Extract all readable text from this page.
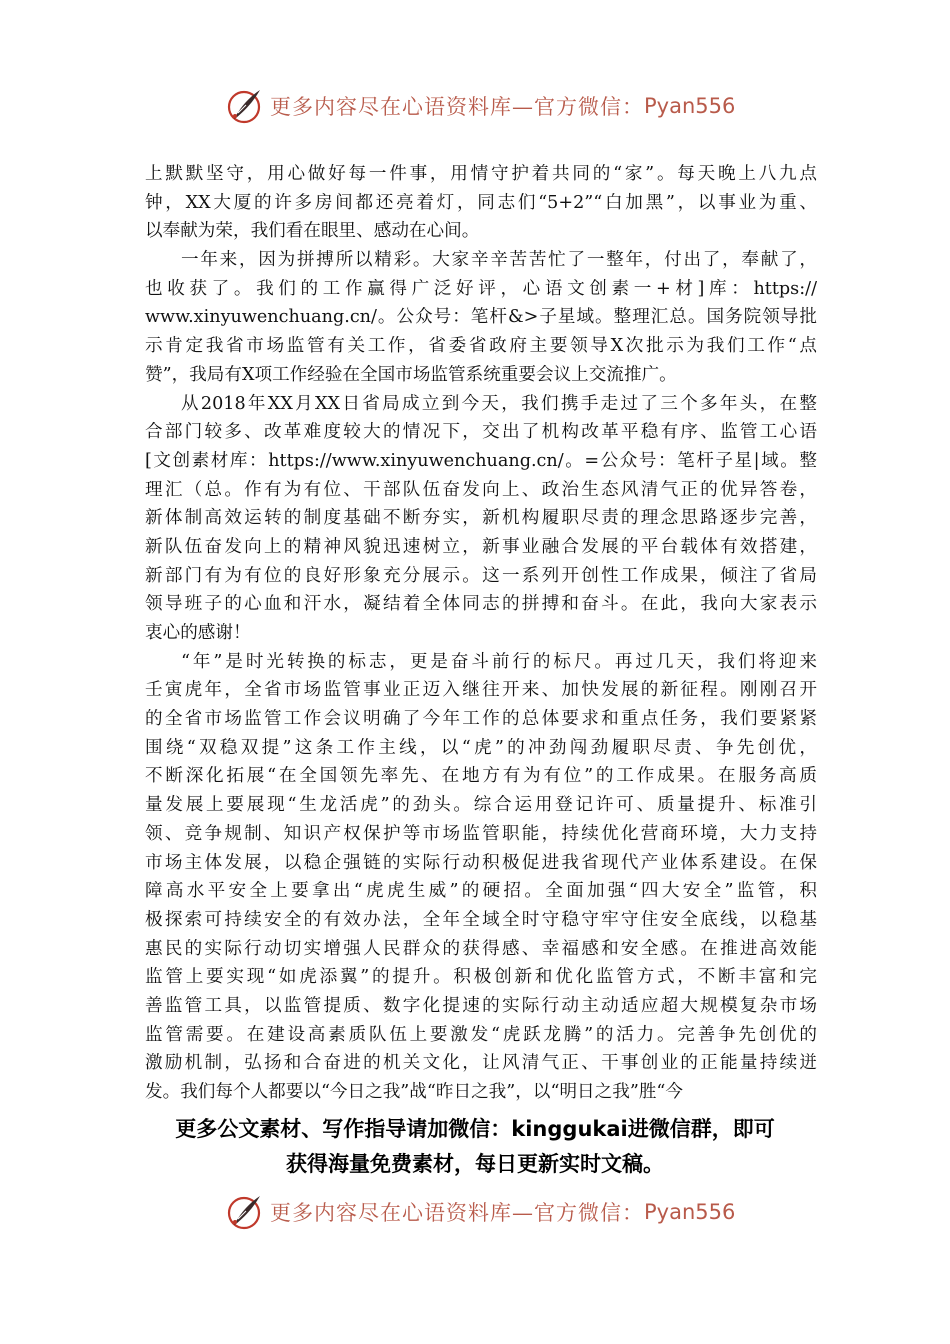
更多内容尽在心语资料库—官方微信： Pyan556
上默默坚守，用心做好每一件事，用情守护着共同的“家”。每天晚上八九点
钟，XX大厦的许多房间都还亮着灯，同志们“5+2”“白加黑”，以事业为重、
以奉献为荣，我们看在眼里、感动在心间。
一年来，因为拼搏所以精彩。大家辛辛苦苦忙了一整年，付出了，奉献了，
也收获了。我们的工作赢得广泛好评，心语文创素一+材]库：https://
www.xinyuwenchuang.cn/。公众号：笔杆&>子星域。整理汇总。国务院领导批
示肯定我省市场监管有关工作，省委省政府主要领导X次批示为我们工作“点
赞”，我局有X项工作经验在全国市场监管系统重要会议上交流推广。
从2018年XX月XX日省局成立到今天，我们携手走过了三个多年头，在整
合部门较多、改革难度较大的情况下，交出了机构改革平稳有序、监管工心语
[文创素材库：https://www.xinyuwenchuang.cn/。=公众号：笔杆子星|域。整
理汇（总。作有为有位、干部队伍奋发向上、政治生态风清气正的优异答卷，
新体制高效运转的制度基础不断夯实，新机构履职尽责的理念思路逐步完善，
新队伍奋发向上的精神风貌迅速树立，新事业融合发展的平台载体有效搭建，
新部门有为有位的良好形象充分展示。这一系列开创性工作成果，倾注了省局
领导班子的心血和汗水，凝结着全体同志的拼搏和奋斗。在此，我向大家表示
衷心的感谢！
“年”是时光转换的标志，更是奋斗前行的标尺。再过几天，我们将迎来
壬寅虎年，全省市场监管事业正迈入继往开来、加快发展的新征程。刚刚召开
的全省市场监管工作会议明确了今年工作的总体要求和重点任务，我们要紧紧
围绕“双稳双提”这条工作主线，以“虎”的冲劲闯劲履职尽责、争先创优，
不断深化拓展“在全国领先率先、在地方有为有位”的工作成果。在服务高质
量发展上要展现“生龙活虎”的劲头。综合运用登记许可、质量提升、标准引
领、竞争规制、知识产权保护等市场监管职能，持续优化营商环境，大力支持
市场主体发展，以稳企强链的实际行动积极促进我省现代产业体系建设。在保
障高水平安全上要拿出“虎虎生威”的硬招。全面加强“四大安全”监管，积
极探索可持续安全的有效办法，全年全域全时守稳守牢守住安全底线，以稳基
惠民的实际行动切实增强人民群众的获得感、幸福感和安全感。在推进高效能
监管上要实现“如虎添翼”的提升。积极创新和优化监管方式，不断丰富和完
善监管工具，以监管提质、数字化提速的实际行动主动适应超大规模复杂市场
监管需要。在建设高素质队伍上要激发“虎跃龙腾”的活力。完善争先创优的
激励机制，弘扬和合奋进的机关文化，让风清气正、干事创业的正能量持续迸
发。我们每个人都要以“今日之我”战“昨日之我”，以“明日之我”胜“今
更多公文素材、写作指导请加微信：kinggukai进微信群，即可
获得海量免费素材，每日更新实时文稿。
更多内容尽在心语资料库—官方微信： Pyan556
